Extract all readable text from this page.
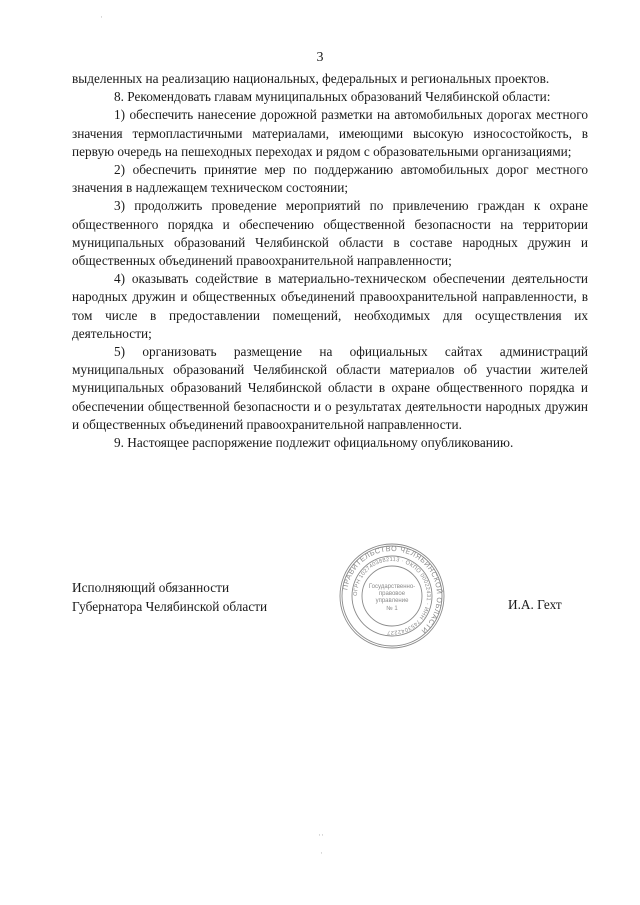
3

выделенных на реализацию национальных, федеральных и региональных проектов.

8. Рекомендовать главам муниципальных образований Челябинской области:

1) обеспечить нанесение дорожной разметки на автомобильных дорогах местного значения термопластичными материалами, имеющими высокую износостойкость, в первую очередь на пешеходных переходах и рядом с образовательными организациями;

2) обеспечить принятие мер по поддержанию автомобильных дорог местного значения в надлежащем техническом состоянии;

3) продолжить проведение мероприятий по привлечению граждан к охране общественного порядка и обеспечению общественной безопасности на территории муниципальных образований Челябинской области в составе народных дружин и общественных объединений правоохранительной направленности;

4) оказывать содействие в материально-техническом обеспечении деятельности народных дружин и общественных объединений правоохранительной направленности, в том числе в предоставлении помещений, необходимых для осуществления их деятельности;

5) организовать размещение на официальных сайтах администраций муниципальных образований Челябинской области материалов об участии жителей муниципальных образований Челябинской области в охране общественного порядка и обеспечении общественной безопасности и о результатах деятельности народных дружин и общественных объединений правоохранительной направленности.

9. Настоящее распоряжение подлежит официальному опубликованию.

Исполняющий обязанности
Губернатора Челябинской области
ПРАВИТЕЛЬСТВО ЧЕЛЯБИНСКОЙ ОБЛАСТИ
ОГРН 1027403882113 · ОКПО 00022431 · ИНН 7453042227
Государственно-
правовое
управление
№ 1	И.А. Гехт
·
··
·
